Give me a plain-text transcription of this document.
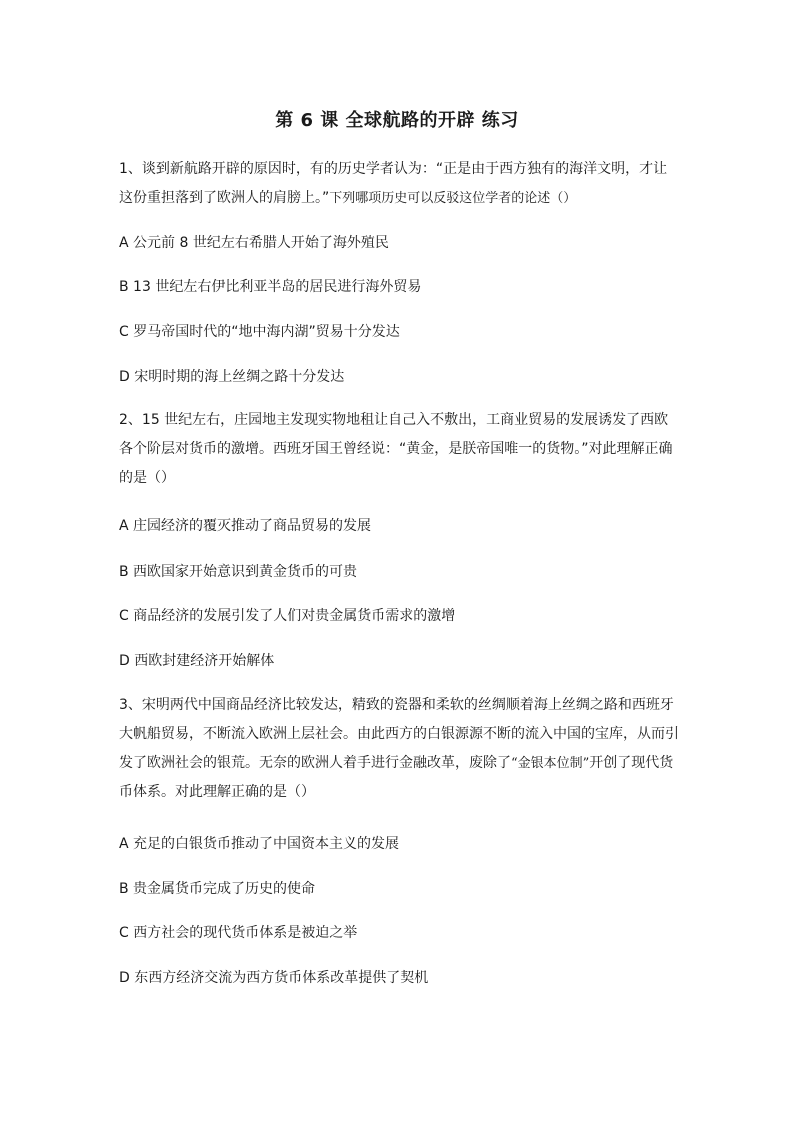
第 6 课 全球航路的开辟 练习

1、谈到新航路开辟的原因时，有的历史学者认为：“正是由于西方独有的海洋文明，才让这份重担落到了欧洲人的肩膀上。”下列哪项历史可以反驳这位学者的论述（）

A 公元前 8 世纪左右希腊人开始了海外殖民

B 13 世纪左右伊比利亚半岛的居民进行海外贸易

C 罗马帝国时代的“地中海内湖”贸易十分发达

D 宋明时期的海上丝绸之路十分发达

2、15 世纪左右，庄园地主发现实物地租让自己入不敷出，工商业贸易的发展诱发了西欧各个阶层对货币的激增。西班牙国王曾经说：“黄金，是朕帝国唯一的货物。”对此理解正确的是（）

A 庄园经济的覆灭推动了商品贸易的发展

B 西欧国家开始意识到黄金货币的可贵

C 商品经济的发展引发了人们对贵金属货币需求的激增

D 西欧封建经济开始解体

3、宋明两代中国商品经济比较发达，精致的瓷器和柔软的丝绸顺着海上丝绸之路和西班牙大帆船贸易，不断流入欧洲上层社会。由此西方的白银源源不断的流入中国的宝库，从而引发了欧洲社会的银荒。无奈的欧洲人着手进行金融改革，废除了“金银本位制”开创了现代货币体系。对此理解正确的是（）

A 充足的白银货币推动了中国资本主义的发展

B 贵金属货币完成了历史的使命

C 西方社会的现代货币体系是被迫之举

D 东西方经济交流为西方货币体系改革提供了契机
